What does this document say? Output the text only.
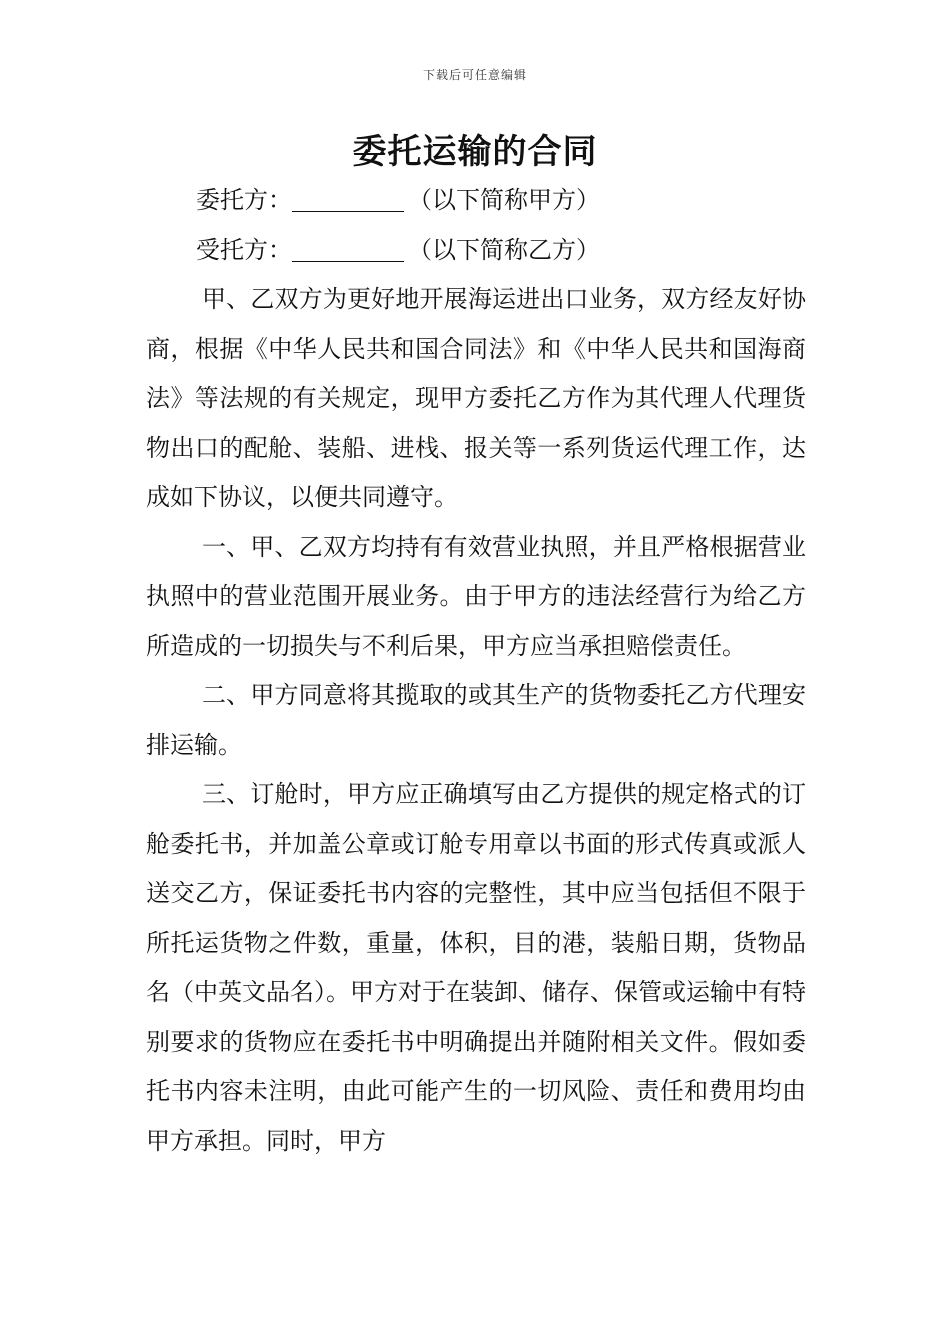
下载后可任意编辑
委托运输的合同

委托方：	（以下简称甲方）

受托方：	（以下简称乙方）

甲、乙双方为更好地开展海运进出口业务，双方经友好协商，根据《中华人民共和国合同法》和《中华人民共和国海商法》等法规的有关规定，现甲方委托乙方作为其代理人代理货物出口的配舱、装船、进栈、报关等一系列货运代理工作，达成如下协议，以便共同遵守。

一、甲、乙双方均持有有效营业执照，并且严格根据营业执照中的营业范围开展业务。由于甲方的违法经营行为给乙方所造成的一切损失与不利后果，甲方应当承担赔偿责任。

二、甲方同意将其揽取的或其生产的货物委托乙方代理安排运输。

三、订舱时，甲方应正确填写由乙方提供的规定格式的订舱委托书，并加盖公章或订舱专用章以书面的形式传真或派人送交乙方，保证委托书内容的完整性，其中应当包括但不限于所托运货物之件数，重量，体积，目的港，装船日期，货物品名（中英文品名）。甲方对于在装卸、储存、保管或运输中有特别要求的货物应在委托书中明确提出并随附相关文件。假如委托书内容未注明，由此可能产生的一切风险、责任和费用均由甲方承担。同时，甲方
